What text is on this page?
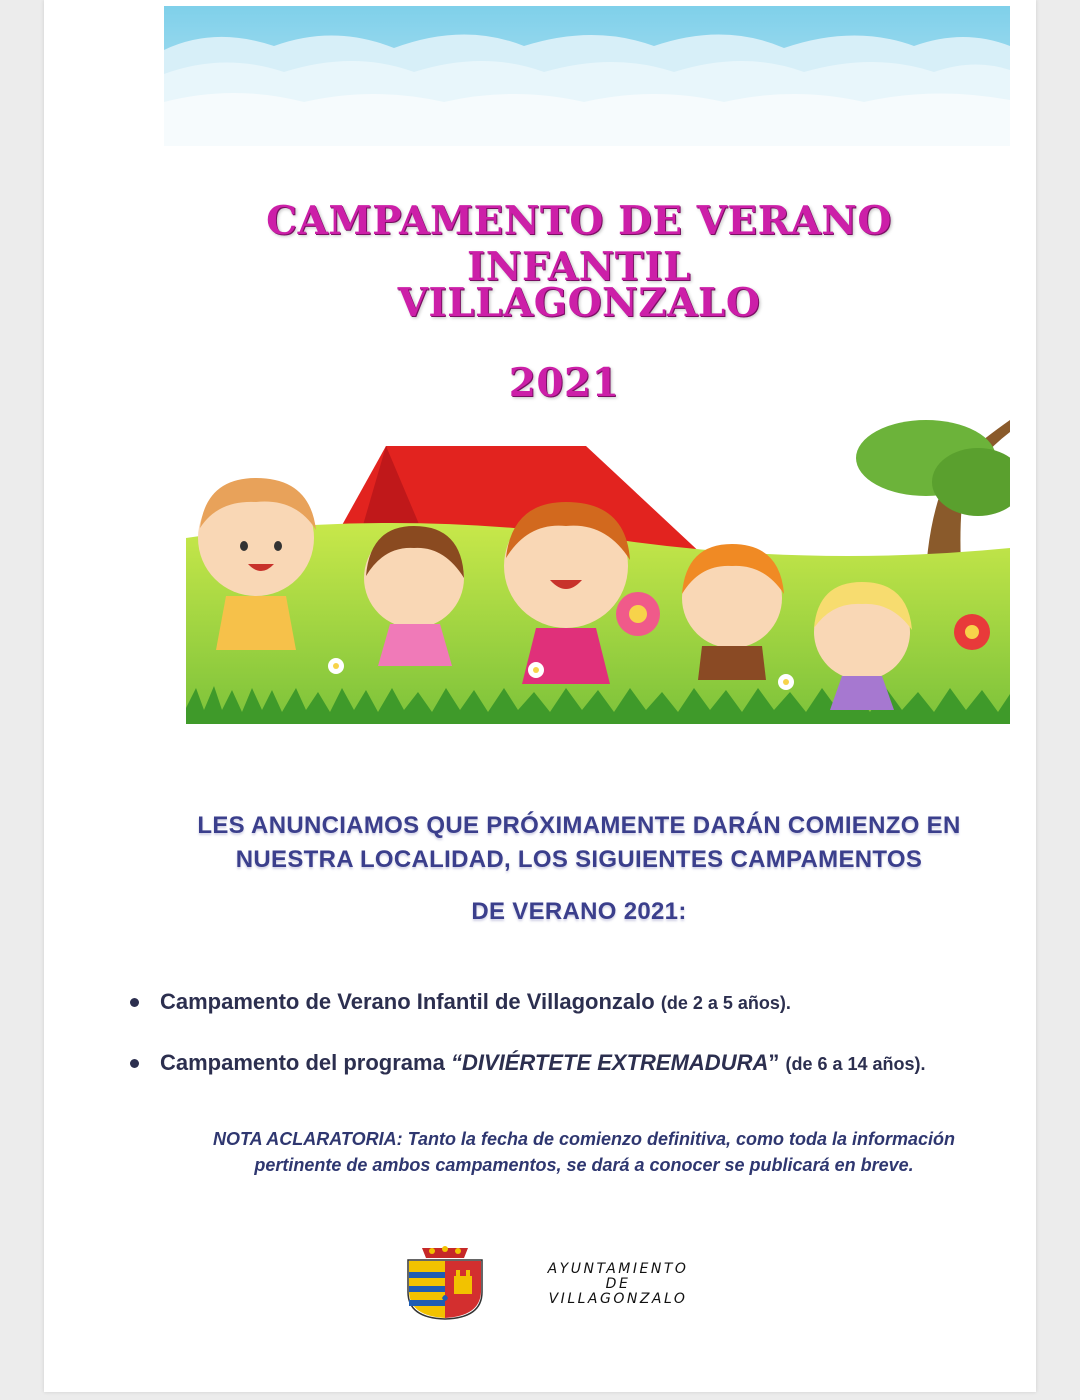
CAMPAMENTO DE VERANO INFANTIL
VILLAGONZALO
2021

LES ANUNCIAMOS QUE PRÓXIMAMENTE DARÁN COMIENZO EN

NUESTRA LOCALIDAD, LOS SIGUIENTES CAMPAMENTOS

DE VERANO 2021:

Campamento de Verano Infantil de Villagonzalo (de 2 a 5 años).
Campamento del programa “DIVIÉRTETE EXTREMADURA” (de 6 a 14 años).

NOTA ACLARATORIA: Tanto la fecha de comienzo definitiva, como toda la información
pertinente de ambos campamentos, se dará a conocer se publicará en breve.

AYUNTAMIENTO
DE
VILLAGONZALO
